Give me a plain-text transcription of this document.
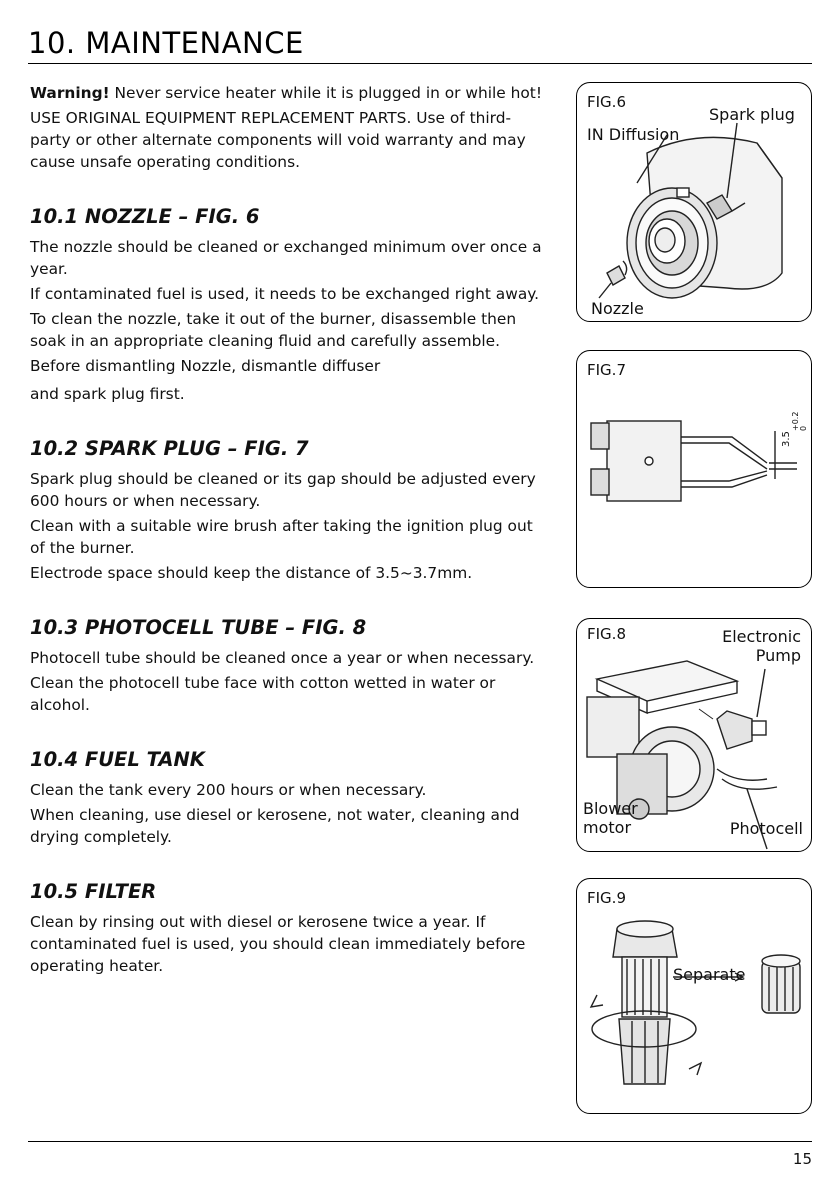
10. MAINTENANCE

Warning! Never service heater while it is plugged in or while hot!

USE ORIGINAL EQUIPMENT REPLACEMENT PARTS. Use of third-party or other alternate components will void warranty and may cause unsafe operating conditions.

10.1 NOZZLE – FIG. 6

The nozzle should be cleaned or exchanged minimum over once a year.

If contaminated fuel is used, it needs to be exchanged right away.

To clean the nozzle, take it out of the burner, disassemble then soak in an appropriate cleaning fluid and carefully assemble.

Before dismantling Nozzle, dismantle diffuser

and spark plug first.

10.2 SPARK PLUG – FIG. 7

Spark plug should be cleaned or its gap should be adjusted every 600 hours or when necessary.

Clean with a suitable wire brush after taking the ignition plug out of the burner.

Electrode space should keep the distance of 3.5~3.7mm.

10.3 PHOTOCELL TUBE – FIG. 8

Photocell tube should be cleaned once a year or when necessary.

Clean the photocell tube face with cotton wetted in water or alcohol.

10.4 FUEL TANK

Clean the tank every 200 hours or when necessary.

When cleaning, use diesel or kerosene, not water, cleaning and drying completely.

10.5 FILTER

Clean by rinsing out with diesel or kerosene twice a year. If contaminated fuel is used, you should clean immediately before operating heater.

FIG.6
Spark plug
IN Diffusion
Nozzle
FIG.7
3.5
+0.2 0
FIG.8	Electronic
Pump
Blower
motor	Photocell
FIG.9
Separate
15
